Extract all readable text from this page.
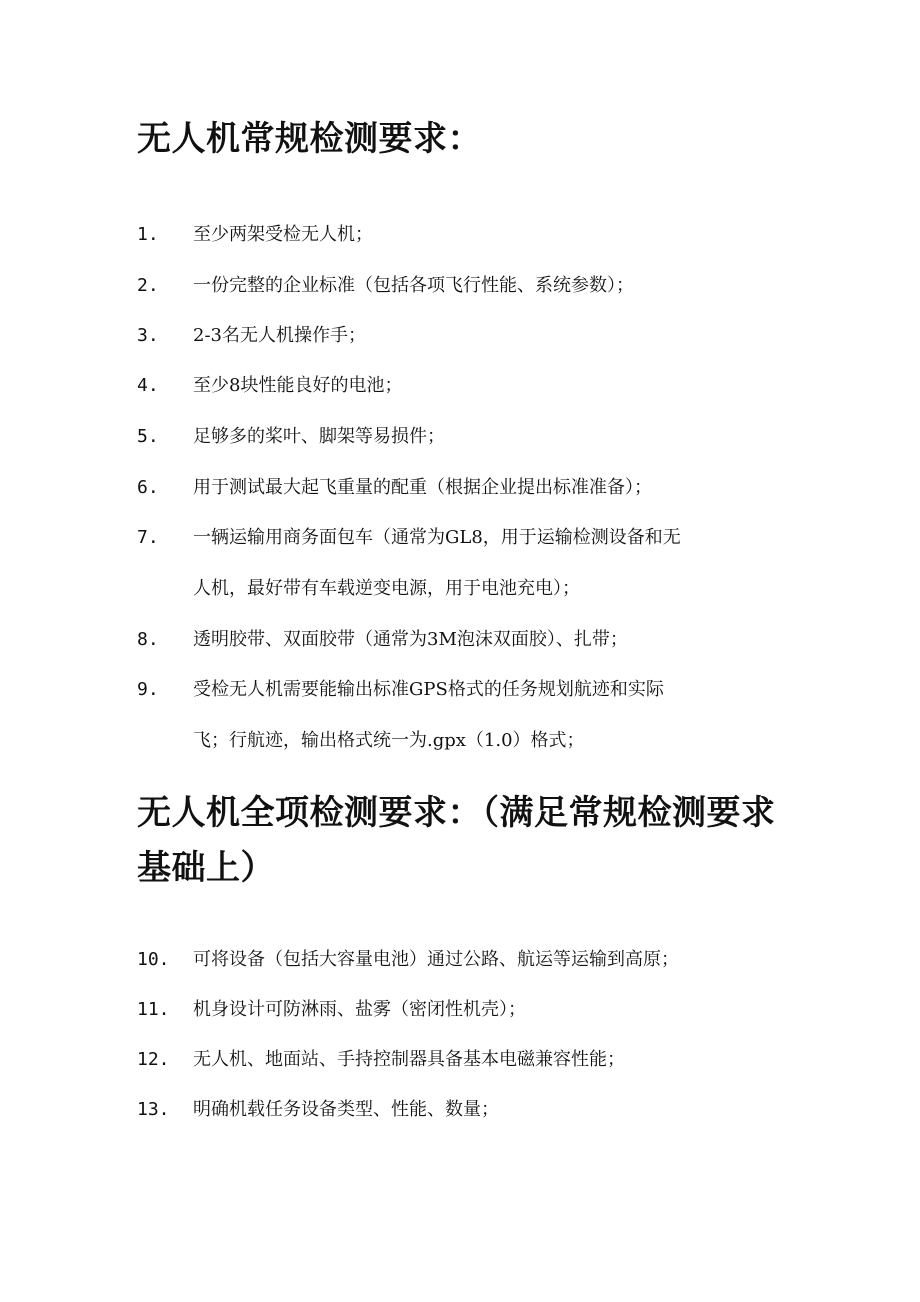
无人机常规检测要求：
1.	至少两架受检无人机；
2.	一份完整的企业标准（包括各项飞行性能、系统参数）；
3.	2-3名无人机操作手；
4.	至少8块性能良好的电池；
5.	足够多的桨叶、脚架等易损件；
6.	用于测试最大起飞重量的配重（根据企业提出标准准备）；
7.	一辆运输用商务面包车（通常为GL8，用于运输检测设备和无
人机，最好带有车载逆变电源，用于电池充电）；
8.	透明胶带、双面胶带（通常为3M泡沫双面胶）、扎带；
9.	受检无人机需要能输出标准GPS格式的任务规划航迹和实际
飞；行航迹，输出格式统一为.gpx（1.0）格式；
无人机全项检测要求：（满足常规检测要求 基础上）
10.	可将设备（包括大容量电池）通过公路、航运等运输到高原；
11.	机身设计可防淋雨、盐雾（密闭性机壳）；
12.	无人机、地面站、手持控制器具备基本电磁兼容性能；
13.	明确机载任务设备类型、性能、数量；
